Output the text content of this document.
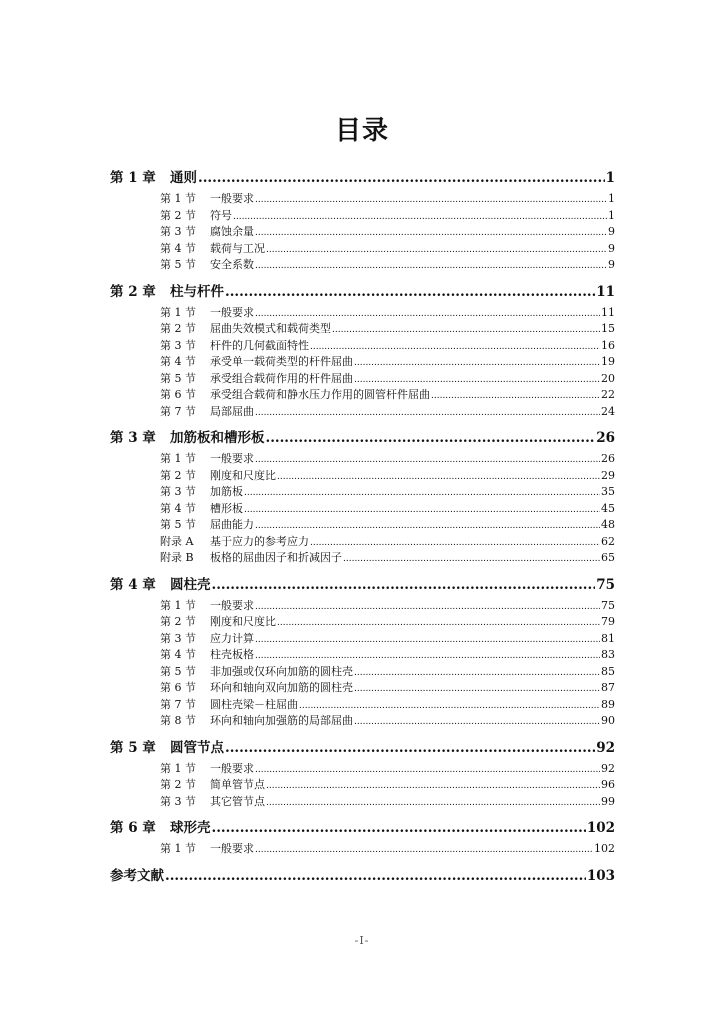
目录
第 1 章	通则 .....	1
第 1 节	一般要求 .....	1
第 2 节	符号 .....	1
第 3 节	腐蚀余量 .....	9
第 4 节	载荷与工况 .....	9
第 5 节	安全系数 .....	9
第 2 章	柱与杆件 .....	11
第 1 节	一般要求 .....	11
第 2 节	屈曲失效模式和载荷类型 .....	15
第 3 节	杆件的几何截面特性 .....	16
第 4 节	承受单一载荷类型的杆件屈曲 .....	19
第 5 节	承受组合载荷作用的杆件屈曲 .....	20
第 6 节	承受组合载荷和静水压力作用的圆管杆件屈曲 .....	22
第 7 节	局部屈曲 .....	24
第 3 章	加筋板和槽形板 .....	26
第 1 节	一般要求 .....	26
第 2 节	刚度和尺度比 .....	29
第 3 节	加筋板 .....	35
第 4 节	槽形板 .....	45
第 5 节	屈曲能力 .....	48
附录 A	基于应力的参考应力 .....	62
附录 B	板格的屈曲因子和折减因子 .....	65
第 4 章	圆柱壳 .....	75
第 1 节	一般要求 .....	75
第 2 节	刚度和尺度比 .....	79
第 3 节	应力计算 .....	81
第 4 节	柱壳板格 .....	83
第 5 节	非加强或仅环向加筋的圆柱壳 .....	85
第 6 节	环向和轴向双向加筋的圆柱壳 .....	87
第 7 节	圆柱壳梁－柱屈曲 .....	89
第 8 节	环向和轴向加强筋的局部屈曲 .....	90
第 5 章	圆管节点 .....	92
第 1 节	一般要求 .....	92
第 2 节	简单管节点 .....	96
第 3 节	其它管节点 .....	99
第 6 章	球形壳 .....	102
第 1 节	一般要求 .....	102
参考文献 .....	103
-I-
